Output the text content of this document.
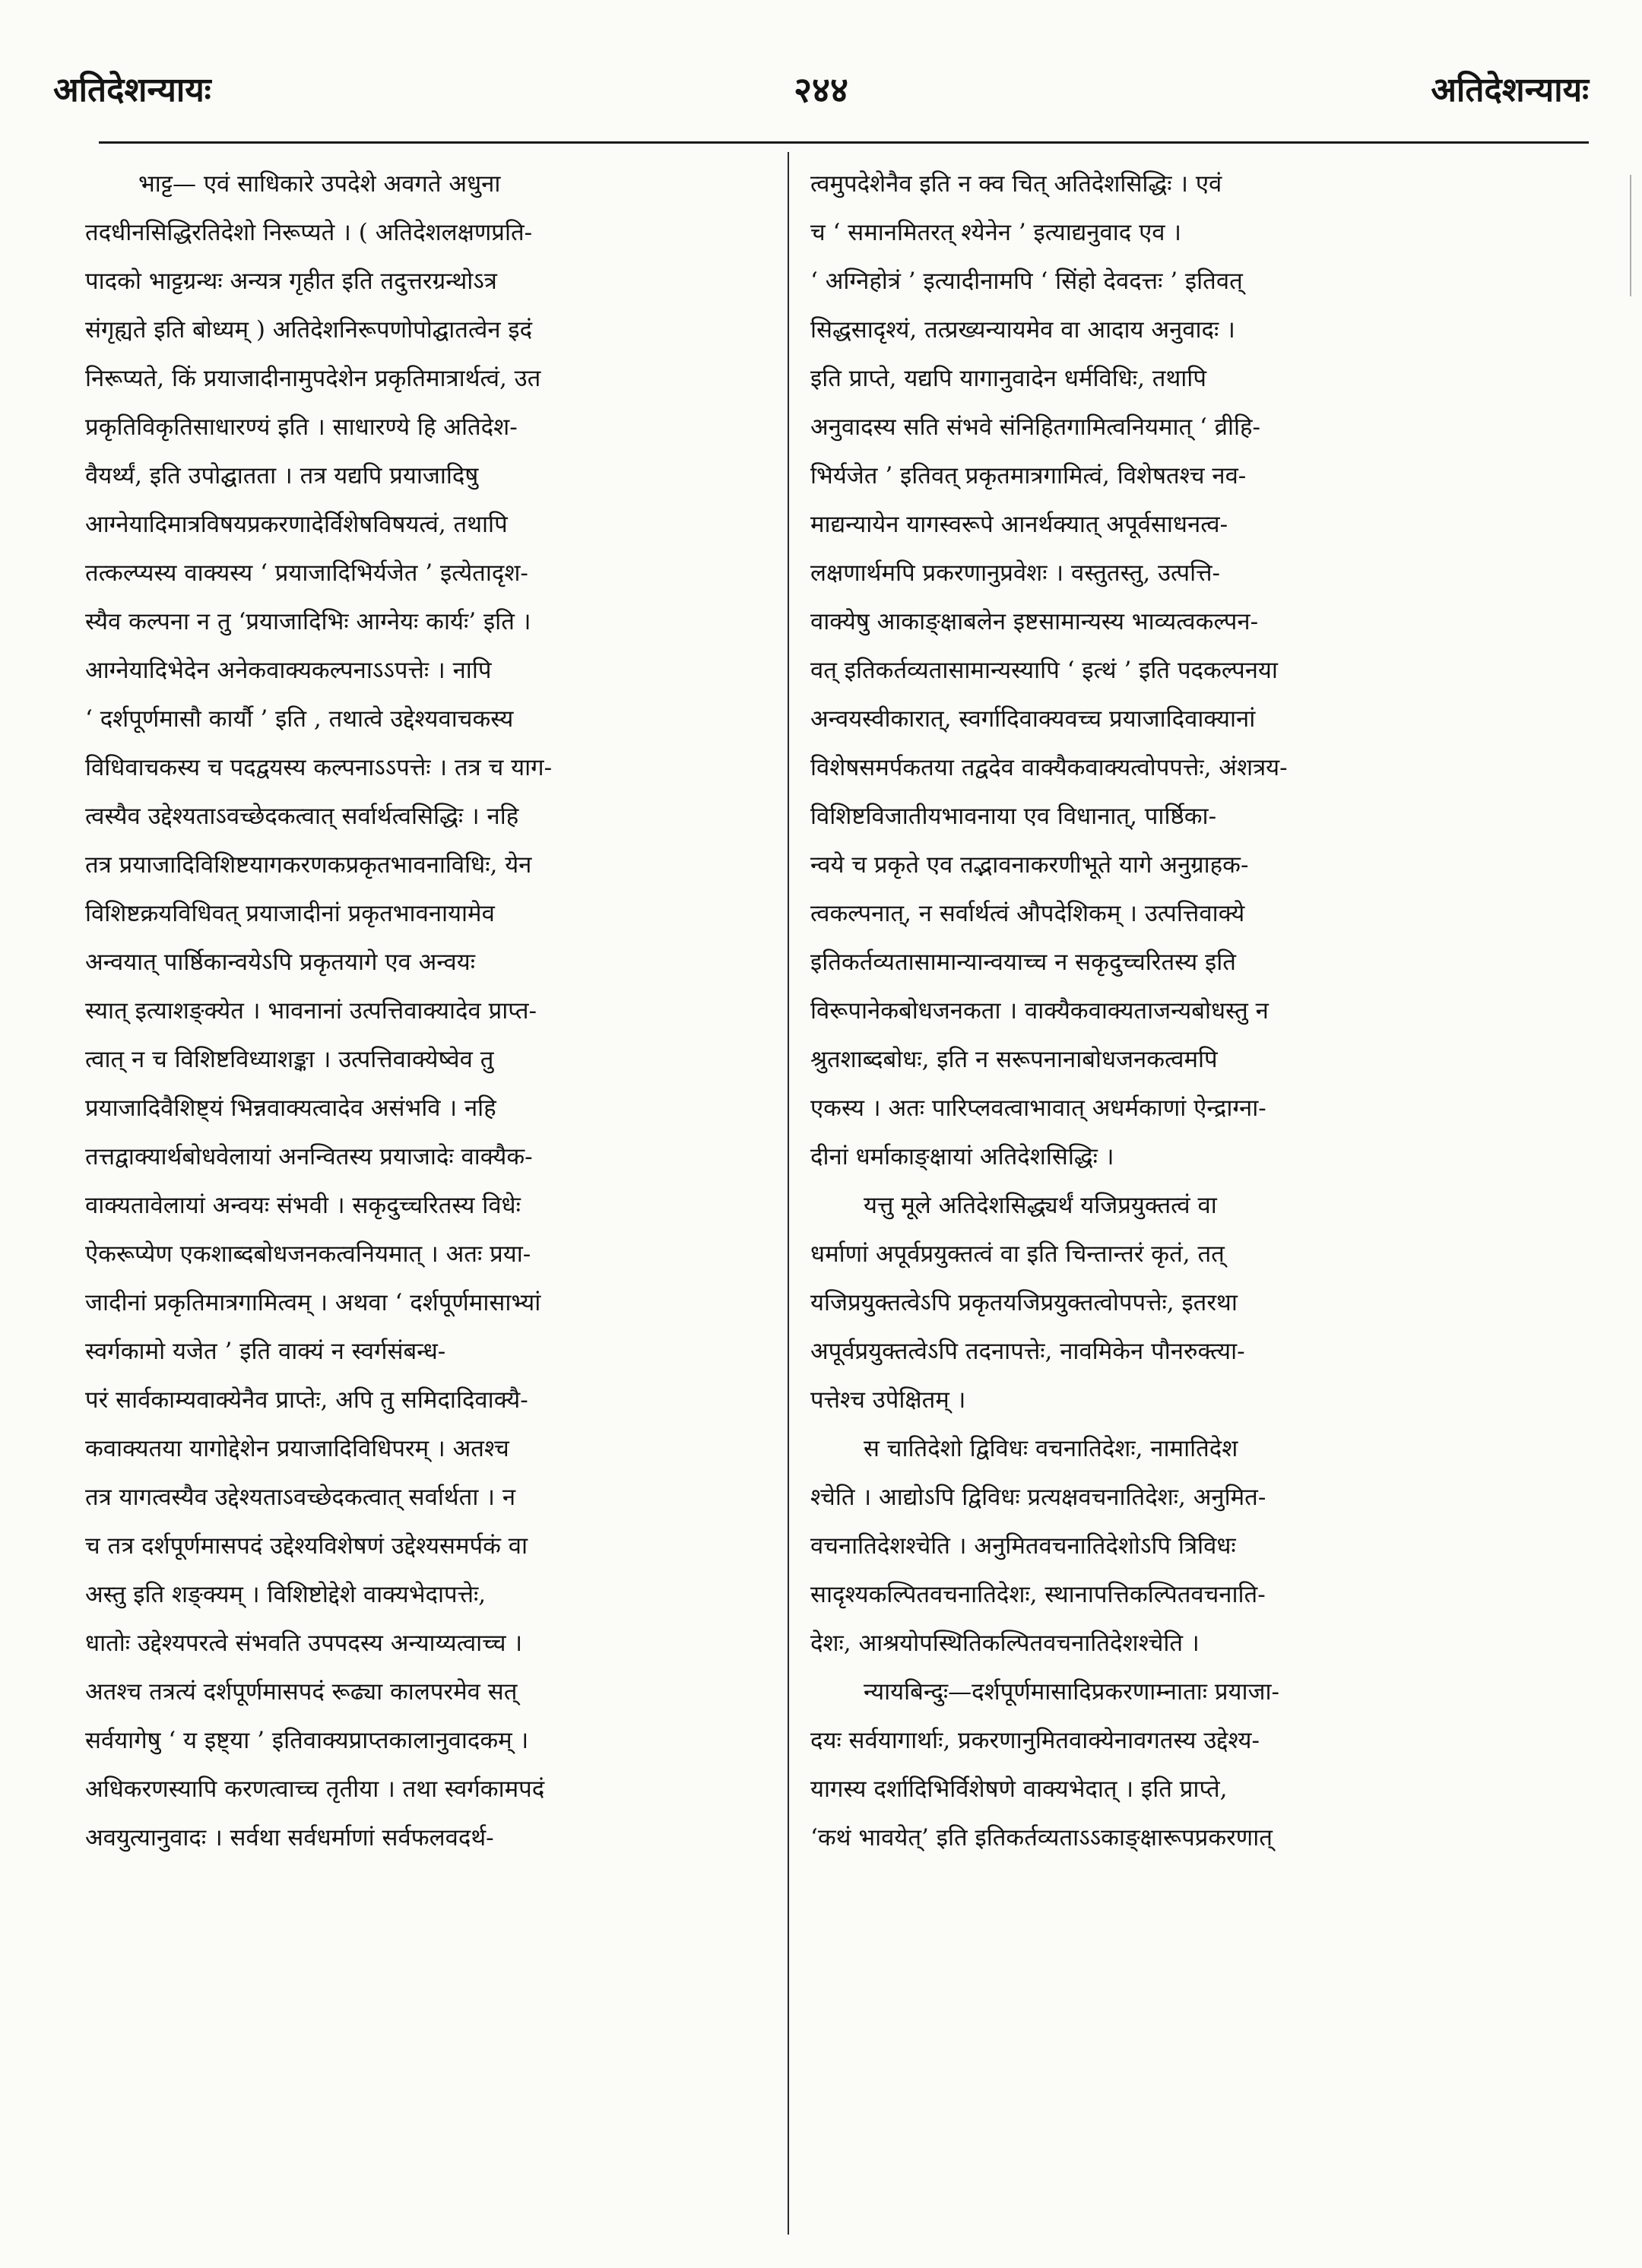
अतिदेशन्यायः	२४४	अतिदेशन्यायः
भाट्ट— एवं साधिकारे उपदेशे अवगते अधुना
तदधीनसिद्धिरतिदेशो निरूप्यते । ( अतिदेशलक्षणप्रति-
पादको भाट्टग्रन्थः अन्यत्र गृहीत इति तदुत्तरग्रन्थोऽत्र
संगृह्यते इति बोध्यम् ) अतिदेशनिरूपणोपोद्घातत्वेन इदं
निरूप्यते, किं प्रयाजादीनामुपदेशेन प्रकृतिमात्रार्थत्वं, उत
प्रकृतिविकृतिसाधारण्यं इति । साधारण्ये हि अतिदेश-
वैयर्थ्यं, इति उपोद्घातता । तत्र यद्यपि प्रयाजादिषु
आग्नेयादिमात्रविषयप्रकरणादेर्विशेषविषयत्वं, तथापि
तत्कल्प्यस्य वाक्यस्य ‘ प्रयाजादिभिर्यजेत ’ इत्येतादृश-
स्यैव कल्पना न तु ‘प्रयाजादिभिः आग्नेयः कार्यः’ इति ।
आग्नेयादिभेदेन अनेकवाक्यकल्पनाऽऽपत्तेः । नापि
‘ दर्शपूर्णमासौ कार्यौ ’ इति , तथात्वे उद्देश्यवाचकस्य
विधिवाचकस्य च पदद्वयस्य कल्पनाऽऽपत्तेः । तत्र च याग-
त्वस्यैव उद्देश्यताऽवच्छेदकत्वात् सर्वार्थत्वसिद्धिः । नहि
तत्र प्रयाजादिविशिष्टयागकरणकप्रकृतभावनाविधिः, येन
विशिष्टक्रयविधिवत् प्रयाजादीनां प्रकृतभावनायामेव
अन्वयात् पार्ष्ठिकान्वयेऽपि प्रकृतयागे एव अन्वयः
स्यात् इत्याशङ्क्येत । भावनानां उत्पत्तिवाक्यादेव प्राप्त-
त्वात् न च विशिष्टविध्याशङ्का । उत्पत्तिवाक्येष्वेव तु
प्रयाजादिवैशिष्ट्यं भिन्नवाक्यत्वादेव असंभवि । नहि
तत्तद्वाक्यार्थबोधवेलायां अनन्वितस्य प्रयाजादेः वाक्यैक-
वाक्यतावेलायां अन्वयः संभवी । सकृदुच्चरितस्य विधेः
ऐकरूप्येण एकशाब्दबोधजनकत्वनियमात् । अतः प्रया-
जादीनां प्रकृतिमात्रगामित्वम् । अथवा ‘ दर्शपूर्णमासाभ्यां
स्वर्गकामो यजेत ’ इति वाक्यं न स्वर्गसंबन्ध-
परं सार्वकाम्यवाक्येनैव प्राप्तेः, अपि तु समिदादिवाक्यै-
कवाक्यतया यागोद्देशेन प्रयाजादिविधिपरम् । अतश्च
तत्र यागत्वस्यैव उद्देश्यताऽवच्छेदकत्वात् सर्वार्थता । न
च तत्र दर्शपूर्णमासपदं उद्देश्यविशेषणं उद्देश्यसमर्पकं वा
अस्तु इति शङ्क्यम् । विशिष्टोद्देशे वाक्यभेदापत्तेः,
धातोः उद्देश्यपरत्वे संभवति उपपदस्य अन्याय्यत्वाच्च ।
अतश्च तत्रत्यं दर्शपूर्णमासपदं रूढ्या कालपरमेव सत्
सर्वयागेषु ‘ य इष्ट्या ’ इतिवाक्यप्राप्तकालानुवादकम् ।
अधिकरणस्यापि करणत्वाच्च तृतीया । तथा स्वर्गकामपदं
अवयुत्यानुवादः । सर्वथा सर्वधर्माणां सर्वफलवदर्थ-
त्वमुपदेशेनैव इति न क्व चित् अतिदेशसिद्धिः । एवं
च ‘ समानमितरत् श्येनेन ’ इत्याद्यनुवाद एव ।
‘ अग्निहोत्रं ’ इत्यादीनामपि ‘ सिंहो देवदत्तः ’ इतिवत्
सिद्धसादृश्यं, तत्प्रख्यन्यायमेव वा आदाय अनुवादः ।
इति प्राप्ते, यद्यपि यागानुवादेन धर्मविधिः, तथापि
अनुवादस्य सति संभवे संनिहितगामित्वनियमात् ‘ व्रीहि-
भिर्यजेत ’ इतिवत् प्रकृतमात्रगामित्वं, विशेषतश्च नव-
माद्यन्यायेन यागस्वरूपे आनर्थक्यात् अपूर्वसाधनत्व-
लक्षणार्थमपि प्रकरणानुप्रवेशः । वस्तुतस्तु, उत्पत्ति-
वाक्येषु आकाङ्क्षाबलेन इष्टसामान्यस्य भाव्यत्वकल्पन-
वत् इतिकर्तव्यतासामान्यस्यापि ‘ इत्थं ’ इति पदकल्पनया
अन्वयस्वीकारात्, स्वर्गादिवाक्यवच्च प्रयाजादिवाक्यानां
विशेषसमर्पकतया तद्वदेव वाक्यैकवाक्यत्वोपपत्तेः, अंशत्रय-
विशिष्टविजातीयभावनाया एव विधानात्, पार्ष्ठिका-
न्वये च प्रकृते एव तद्भावनाकरणीभूते यागे अनुग्राहक-
त्वकल्पनात्, न सर्वार्थत्वं औपदेशिकम् । उत्पत्तिवाक्ये
इतिकर्तव्यतासामान्यान्वयाच्च न सकृदुच्चरितस्य इति
विरूपानेकबोधजनकता । वाक्यैकवाक्यताजन्यबोधस्तु न
श्रुतशाब्दबोधः, इति न सरूपनानाबोधजनकत्वमपि
एकस्य । अतः पारिप्लवत्वाभावात् अधर्मकाणां ऐन्द्राग्ना-
दीनां धर्माकाङ्क्षायां अतिदेशसिद्धिः ।
यत्तु मूले अतिदेशसिद्ध्यर्थं यजिप्रयुक्तत्वं वा
धर्माणां अपूर्वप्रयुक्तत्वं वा इति चिन्तान्तरं कृतं, तत्
यजिप्रयुक्तत्वेऽपि प्रकृतयजिप्रयुक्तत्वोपपत्तेः, इतरथा
अपूर्वप्रयुक्तत्वेऽपि तदनापत्तेः, नावमिकेन पौनरुक्त्या-
पत्तेश्च उपेक्षितम् ।
स चातिदेशो द्विविधः वचनातिदेशः, नामातिदेश
श्चेति । आद्योऽपि द्विविधः प्रत्यक्षवचनातिदेशः, अनुमित-
वचनातिदेशश्चेति । अनुमितवचनातिदेशोऽपि त्रिविधः
सादृश्यकल्पितवचनातिदेशः, स्थानापत्तिकल्पितवचनाति-
देशः, आश्रयोपस्थितिकल्पितवचनातिदेशश्चेति ।
न्यायबिन्दुः—दर्शपूर्णमासादिप्रकरणाम्नाताः प्रयाजा-
दयः सर्वयागार्थाः, प्रकरणानुमितवाक्येनावगतस्य उद्देश्य-
यागस्य दर्शादिभिर्विशेषणे वाक्यभेदात् । इति प्राप्ते,
‘कथं भावयेत्’ इति इतिकर्तव्यताऽऽकाङ्क्षारूपप्रकरणात्
